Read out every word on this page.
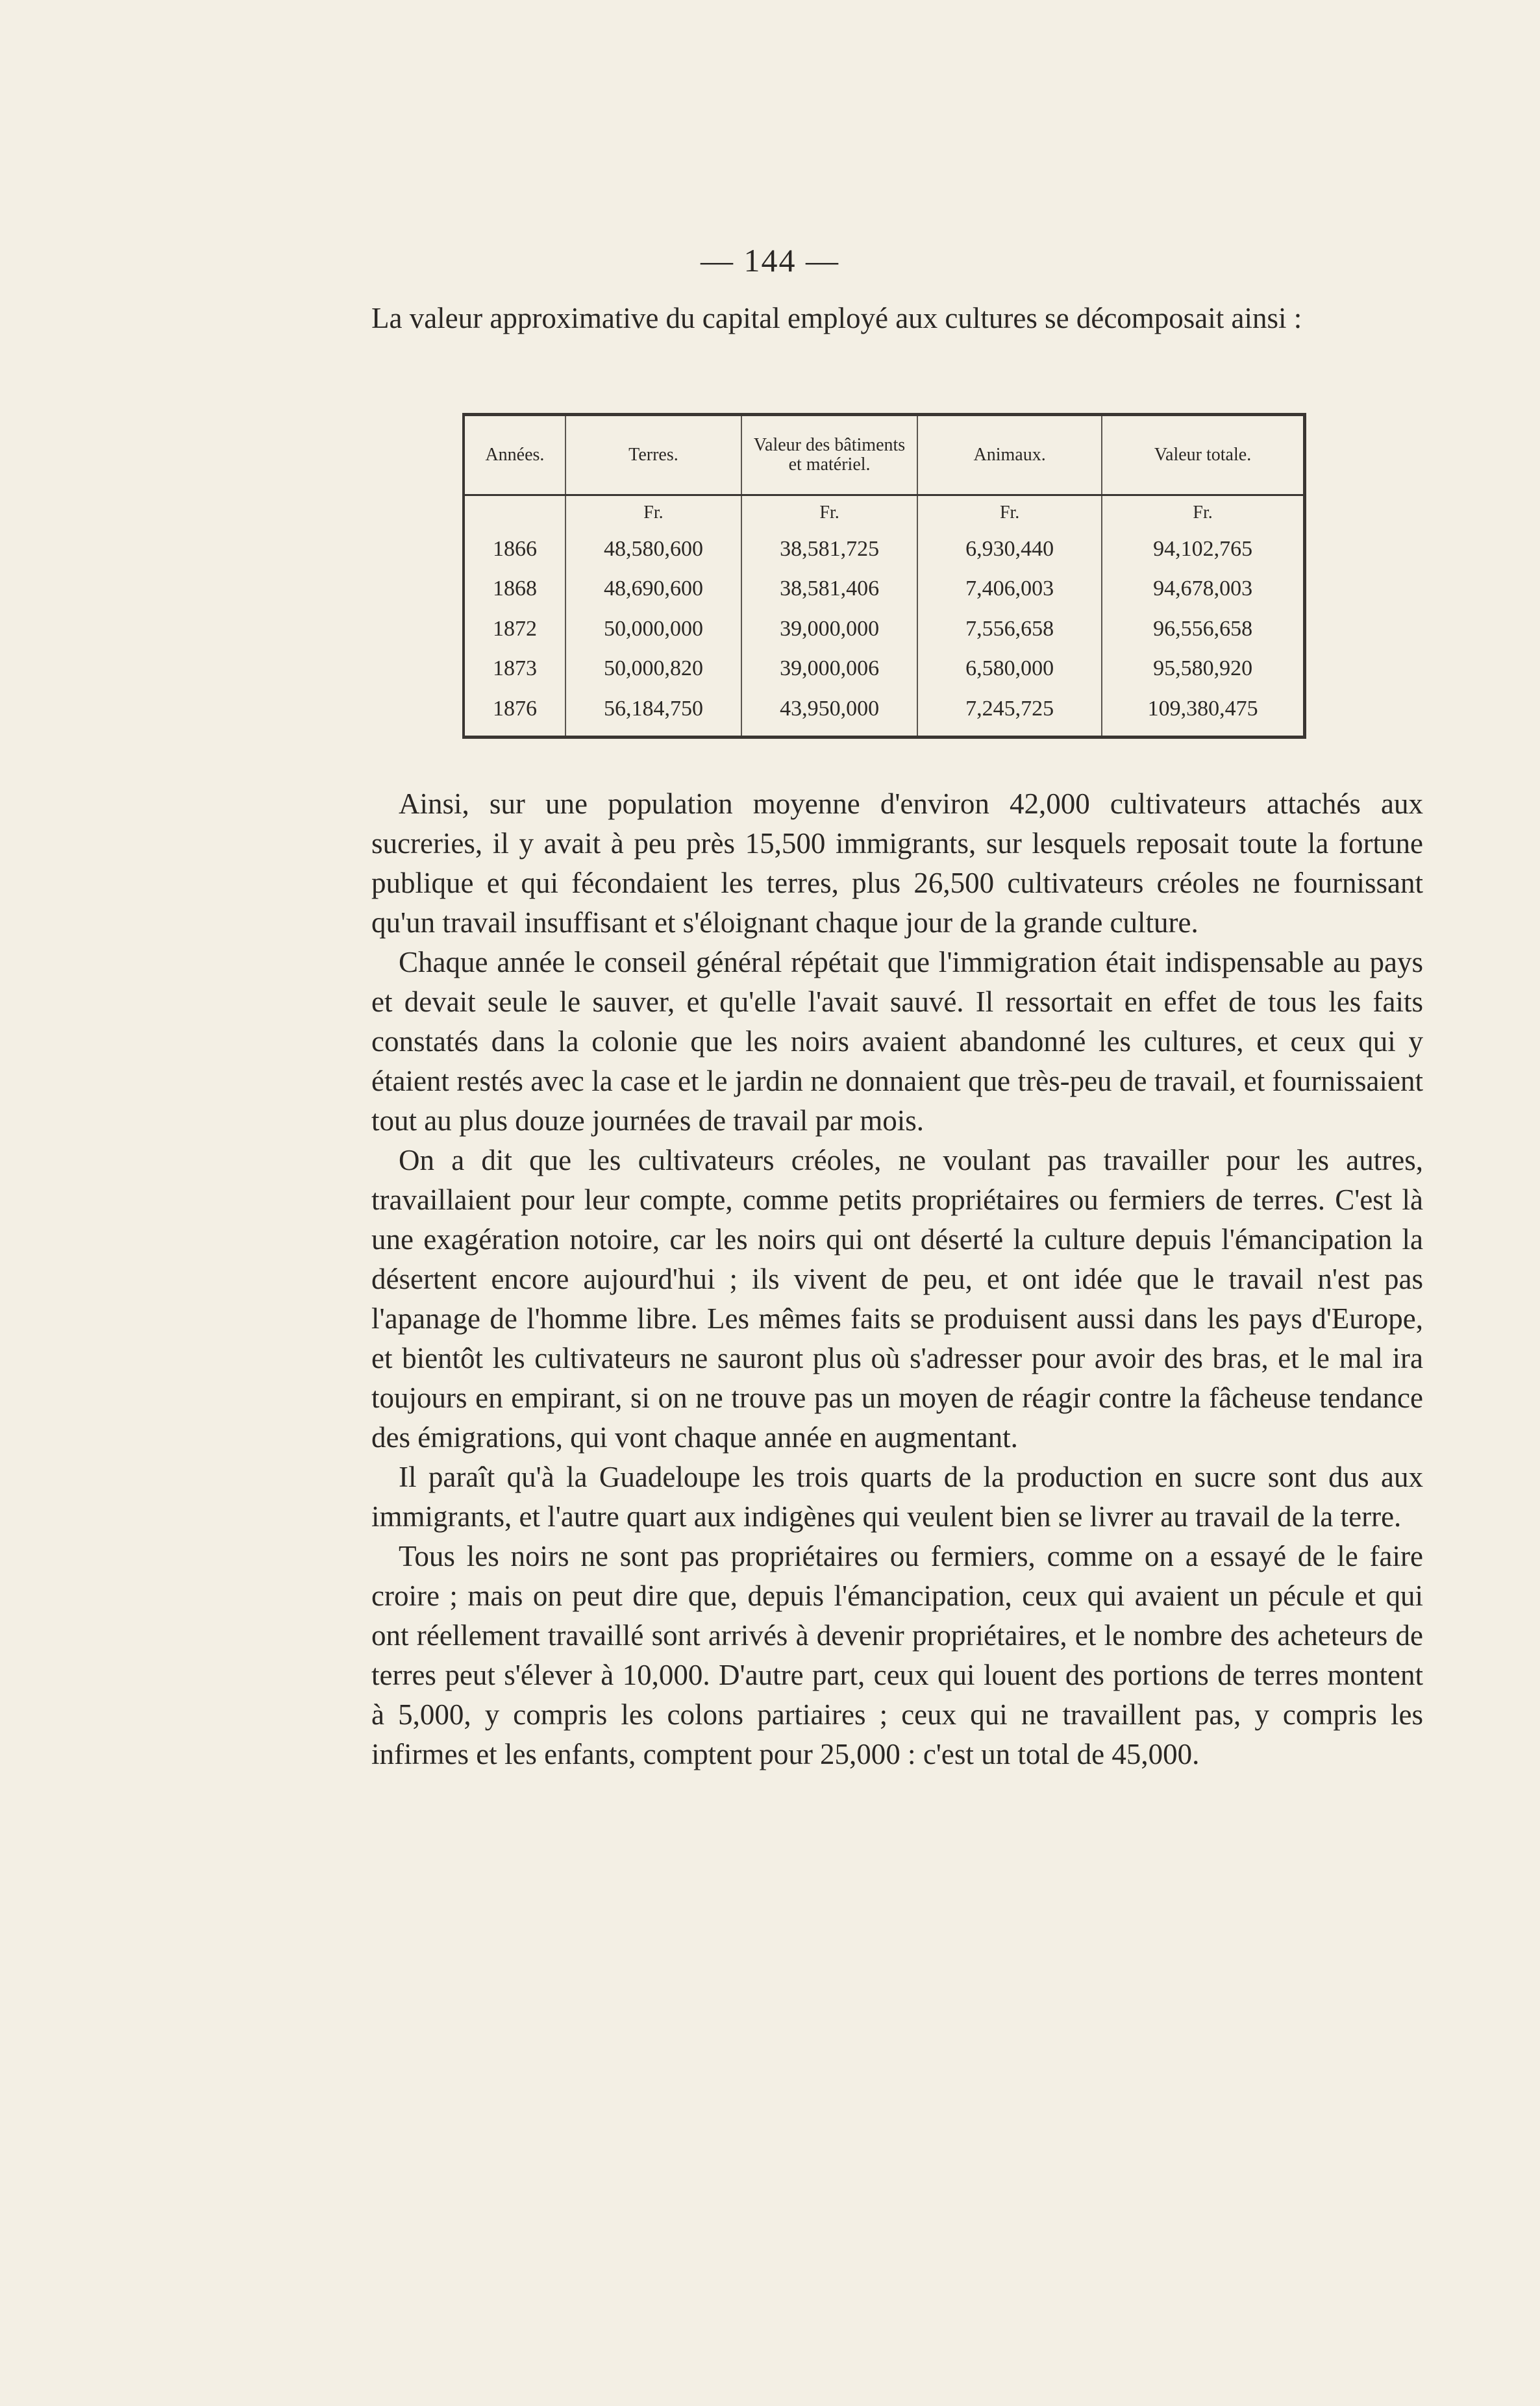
— 144 —
La valeur approximative du capital employé aux cultures se décomposait ainsi :
Années.	Terres.	Valeur des bâtiments et matériel.	Animaux.	Valeur totale.
	Fr.	Fr.	Fr.	Fr.
1866	48,580,600	38,581,725	6,930,440	94,102,765
1868	48,690,600	38,581,406	7,406,003	94,678,003
1872	50,000,000	39,000,000	7,556,658	96,556,658
1873	50,000,820	39,000,006	6,580,000	95,580,920
1876	56,184,750	43,950,000	7,245,725	109,380,475

Ainsi, sur une population moyenne d'environ 42,000 cultivateurs attachés aux sucreries, il y avait à peu près 15,500 immigrants, sur lesquels reposait toute la fortune publique et qui fécondaient les terres, plus 26,500 cultivateurs créoles ne fournissant qu'un travail insuffisant et s'éloignant chaque jour de la grande culture.

Chaque année le conseil général répétait que l'immigration était indispensable au pays et devait seule le sauver, et qu'elle l'avait sauvé. Il ressortait en effet de tous les faits constatés dans la colonie que les noirs avaient abandonné les cultures, et ceux qui y étaient restés avec la case et le jardin ne donnaient que très-peu de travail, et fournissaient tout au plus douze journées de travail par mois.

On a dit que les cultivateurs créoles, ne voulant pas travailler pour les autres, travaillaient pour leur compte, comme petits propriétaires ou fermiers de terres. C'est là une exagération notoire, car les noirs qui ont déserté la culture depuis l'émancipation la désertent encore aujourd'hui ; ils vivent de peu, et ont idée que le travail n'est pas l'apanage de l'homme libre. Les mêmes faits se produisent aussi dans les pays d'Europe, et bientôt les cultivateurs ne sauront plus où s'adresser pour avoir des bras, et le mal ira toujours en empirant, si on ne trouve pas un moyen de réagir contre la fâcheuse tendance des émigrations, qui vont chaque année en augmentant.

Il paraît qu'à la Guadeloupe les trois quarts de la production en sucre sont dus aux immigrants, et l'autre quart aux indigènes qui veulent bien se livrer au travail de la terre.

Tous les noirs ne sont pas propriétaires ou fermiers, comme on a essayé de le faire croire ; mais on peut dire que, depuis l'émancipation, ceux qui avaient un pécule et qui ont réellement travaillé sont arrivés à devenir propriétaires, et le nombre des acheteurs de terres peut s'élever à 10,000. D'autre part, ceux qui louent des portions de terres montent à 5,000, y compris les colons partiaires ; ceux qui ne travaillent pas, y compris les infirmes et les enfants, comptent pour 25,000 : c'est un total de 45,000.
